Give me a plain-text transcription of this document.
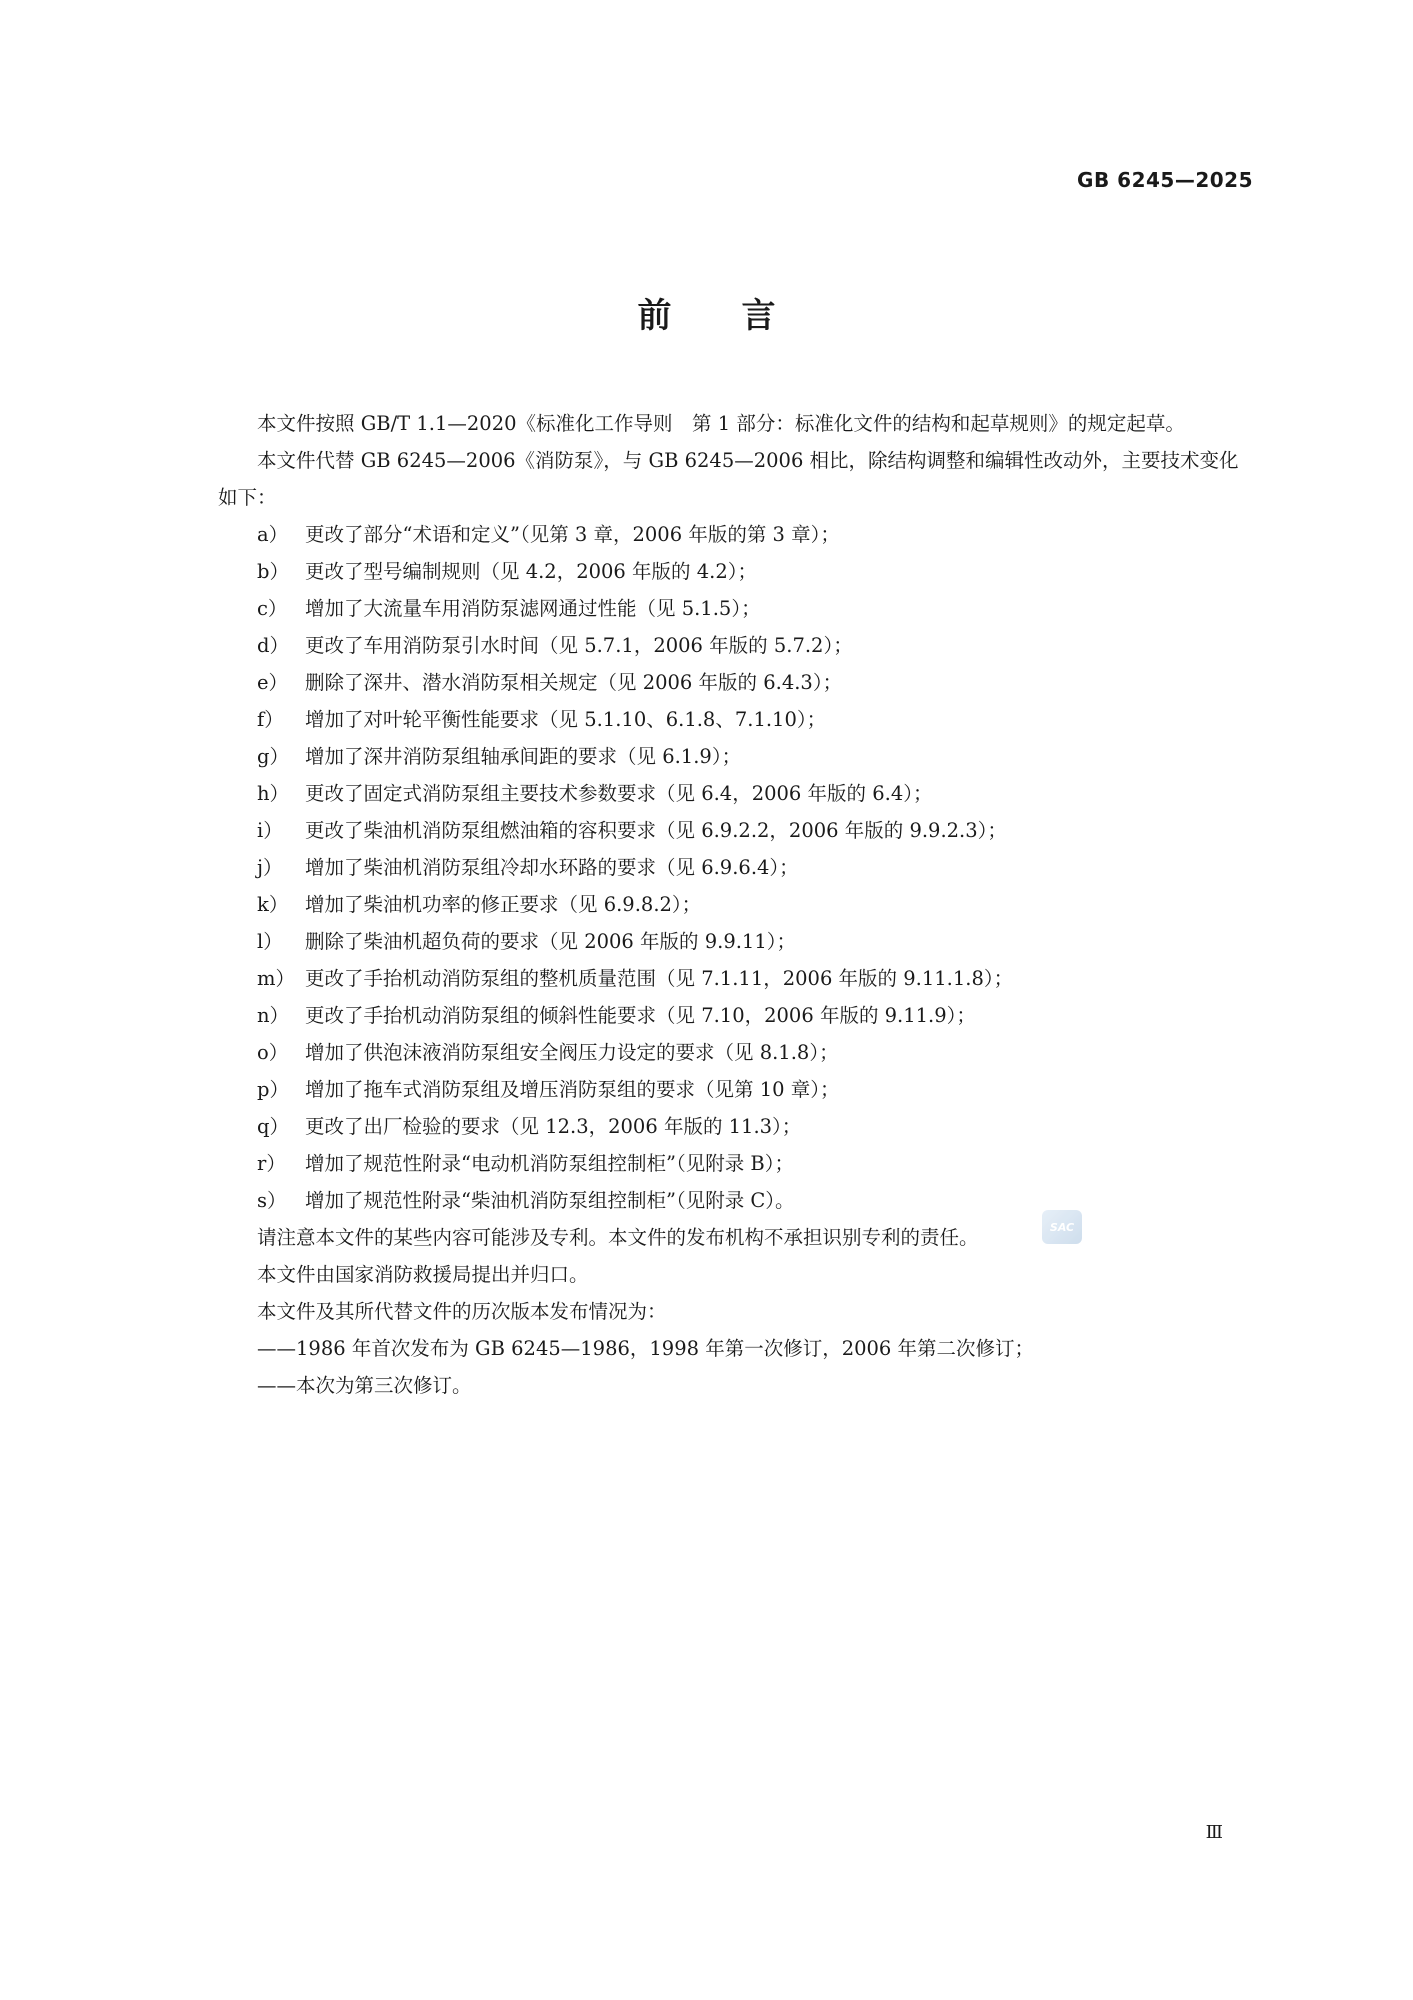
GB 6245—2025
前言

本文件按照 GB/T 1.1—2020《标准化工作导则　第 1 部分：标准化文件的结构和起草规则》的规定起草。

本文件代替 GB 6245—2006《消防泵》，与 GB 6245—2006 相比，除结构调整和编辑性改动外，主要技术变化如下：

a） 更改了部分“术语和定义”（见第 3 章，2006 年版的第 3 章）；
b） 更改了型号编制规则（见 4.2，2006 年版的 4.2）；
c） 增加了大流量车用消防泵滤网通过性能（见 5.1.5）；
d） 更改了车用消防泵引水时间（见 5.7.1，2006 年版的 5.7.2）；
e） 删除了深井、潜水消防泵相关规定（见 2006 年版的 6.4.3）；
f）	增加了对叶轮平衡性能要求（见 5.1.10、6.1.8、7.1.10）；
g） 增加了深井消防泵组轴承间距的要求（见 6.1.9）；
h） 更改了固定式消防泵组主要技术参数要求（见 6.4，2006 年版的 6.4）；
i）	更改了柴油机消防泵组燃油箱的容积要求（见 6.9.2.2，2006 年版的 9.9.2.3）；
j）	增加了柴油机消防泵组冷却水环路的要求（见 6.9.6.4）；
k） 增加了柴油机功率的修正要求（见 6.9.8.2）；
l）	删除了柴油机超负荷的要求（见 2006 年版的 9.9.11）；
m） 更改了手抬机动消防泵组的整机质量范围（见 7.1.11，2006 年版的 9.11.1.8）；
n） 更改了手抬机动消防泵组的倾斜性能要求（见 7.10，2006 年版的 9.11.9）；
o） 增加了供泡沫液消防泵组安全阀压力设定的要求（见 8.1.8）；
p） 增加了拖车式消防泵组及增压消防泵组的要求（见第 10 章）；
q） 更改了出厂检验的要求（见 12.3，2006 年版的 11.3）；
r） 增加了规范性附录“电动机消防泵组控制柜”（见附录 B）；
s） 增加了规范性附录“柴油机消防泵组控制柜”（见附录 C）。

请注意本文件的某些内容可能涉及专利。本文件的发布机构不承担识别专利的责任。

本文件由国家消防救援局提出并归口。

本文件及其所代替文件的历次版本发布情况为：

——1986 年首次发布为 GB 6245—1986，1998 年第一次修订，2006 年第二次修订；

——本次为第三次修订。

SAC
Ⅲ
